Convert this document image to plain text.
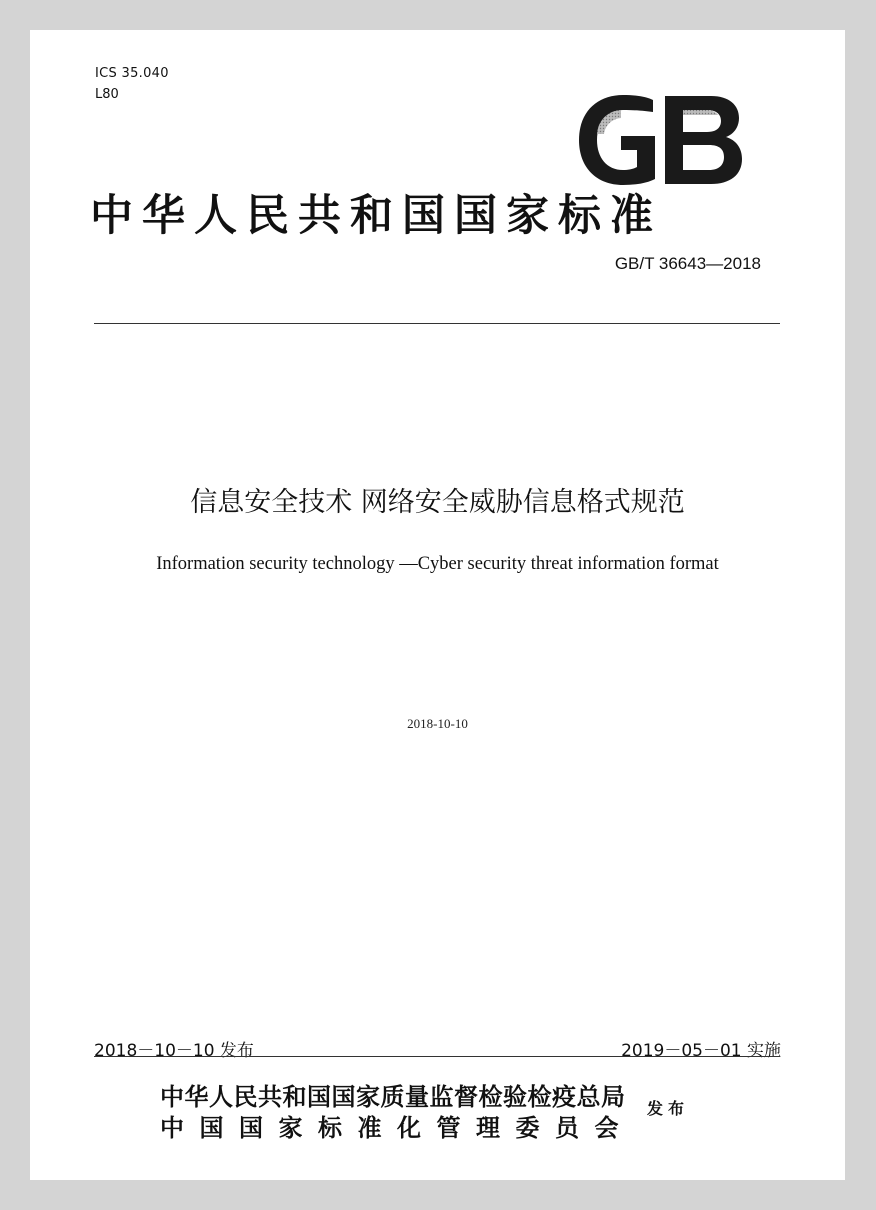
ICS 35.040
L80
中华人民共和国国家标准
GB/T 36643—2018
信息安全技术 网络安全威胁信息格式规范
Information security technology —Cyber security threat information format
2018-10-10
2018－10－10 发布	2019－05－01 实施
中华人民共和国国家质量监督检验检疫总局
中国国家标准化管理委员会
发布
